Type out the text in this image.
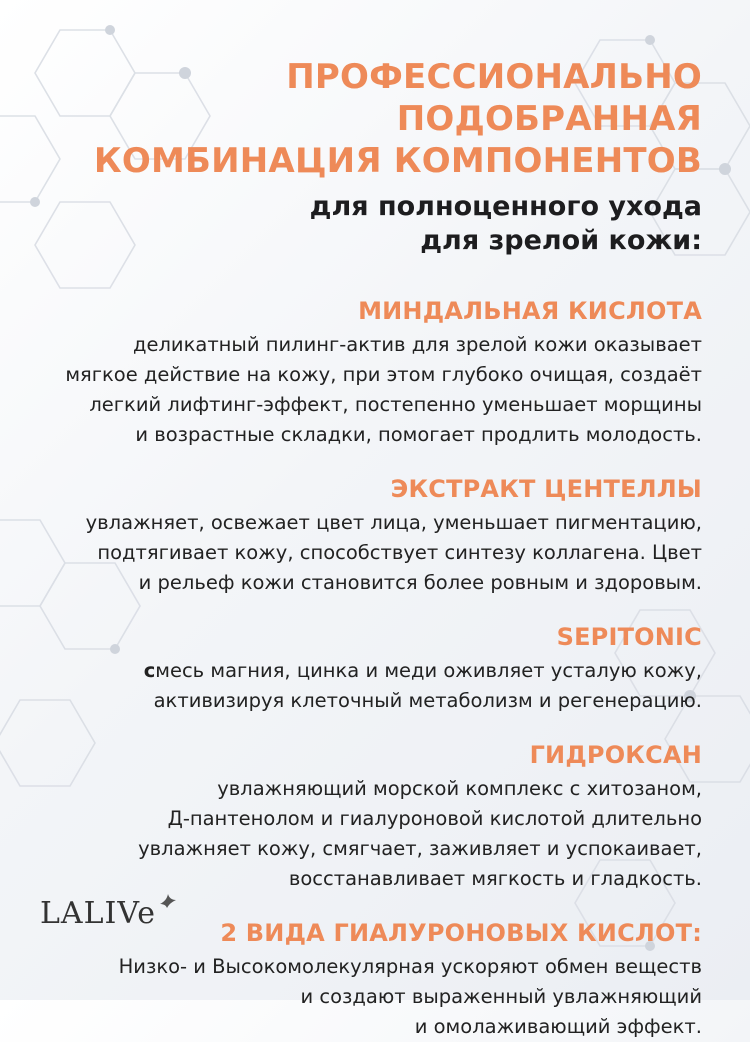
ПРОФЕССИОНАЛЬНО ПОДОБРАННАЯ
КОМБИНАЦИЯ КОМПОНЕНТОВ
для полноценного ухода
для зрелой кожи:
МИНДАЛЬНАЯ КИСЛОТА
деликатный пилинг-актив для зрелой кожи оказывает
мягкое действие на кожу, при этом глубоко очищая, создаёт
легкий лифтинг-эффект, постепенно уменьшает морщины
и возрастные складки, помогает продлить молодость.
ЭКСТРАКТ ЦЕНТЕЛЛЫ
увлажняет, освежает цвет лица, уменьшает пигментацию,
подтягивает кожу, способствует синтезу коллагена. Цвет
и рельеф кожи становится более ровным и здоровым.
SEPITONIC
смесь магния, цинка и меди оживляет усталую кожу,
активизируя клеточный метаболизм и регенерацию.
ГИДРОКСАН
увлажняющий морской комплекс с хитозаном,
Д-пантенолом и гиалуроновой кислотой длительно
увлажняет кожу, смягчает, заживляет и успокаивает,
восстанавливает мягкость и гладкость.
2 ВИДА ГИАЛУРОНОВЫХ КИСЛОТ:
Низко- и Высокомолекулярная ускоряют обмен веществ
и создают выраженный увлажняющий
и омолаживающий эффект.
LALIVe
